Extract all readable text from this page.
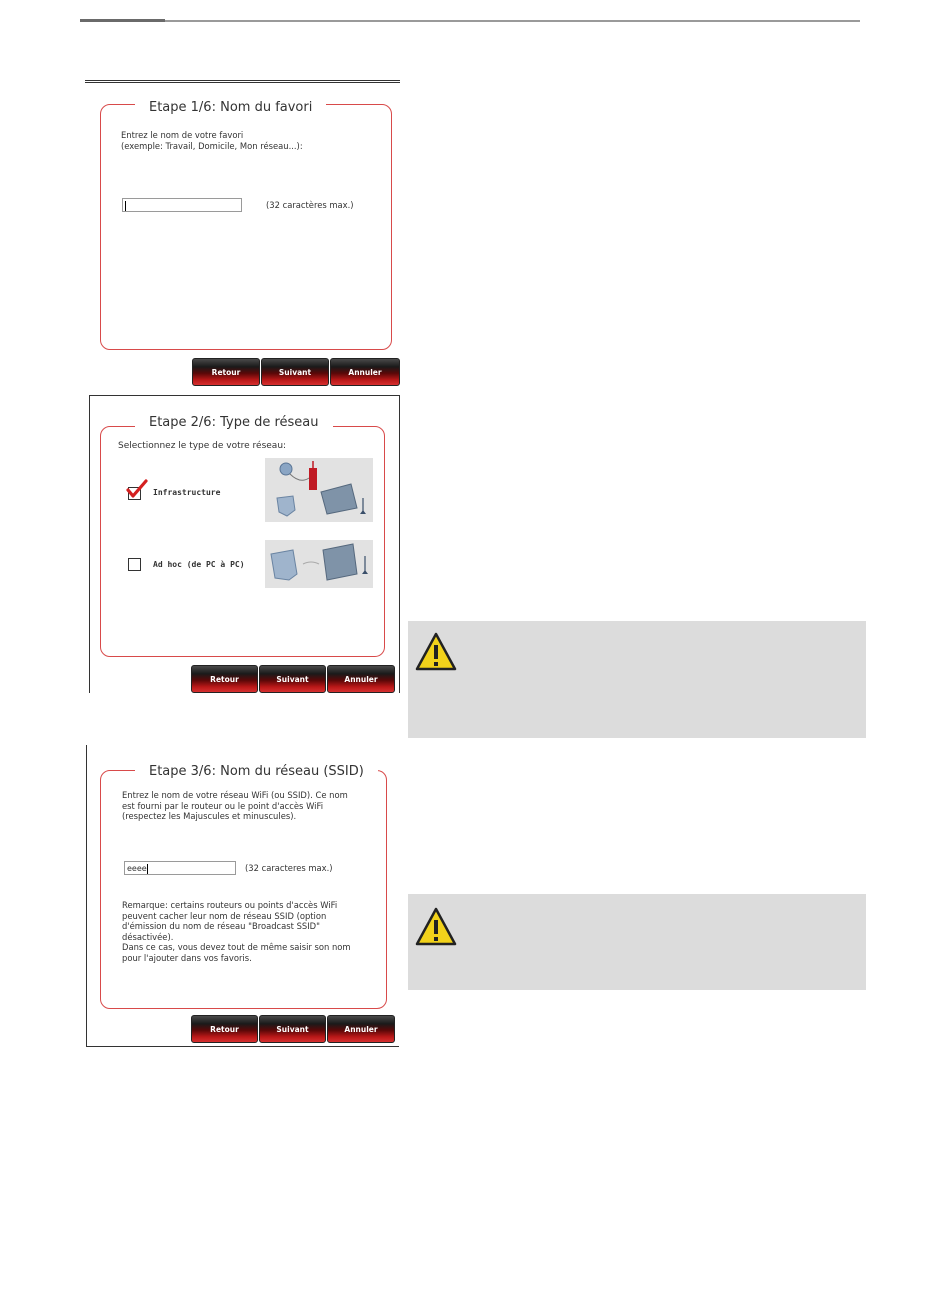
Etape 1/6: Nom du favori
Entrez le nom de votre favori
(exemple: Travail, Domicile, Mon réseau...):
(32 caractères max.)
Retour	Suivant	Annuler
Etape 2/6: Type de réseau
Selectionnez le type de votre réseau:
Infrastructure
Ad hoc (de PC à PC)
Retour	Suivant	Annuler
Etape 3/6: Nom du réseau (SSID)
Entrez le nom de votre réseau WiFi (ou SSID). Ce nom
est fourni par le routeur ou le point d'accès WiFi
(respectez les Majuscules et minuscules).
eeee	(32 caracteres max.)
Remarque: certains routeurs ou points d'accès WiFi
peuvent cacher leur nom de réseau SSID (option
d'émission du nom de réseau "Broadcast SSID"
désactivée).
Dans ce cas, vous devez tout de même saisir son nom
pour l'ajouter dans vos favoris.
Retour	Suivant	Annuler
